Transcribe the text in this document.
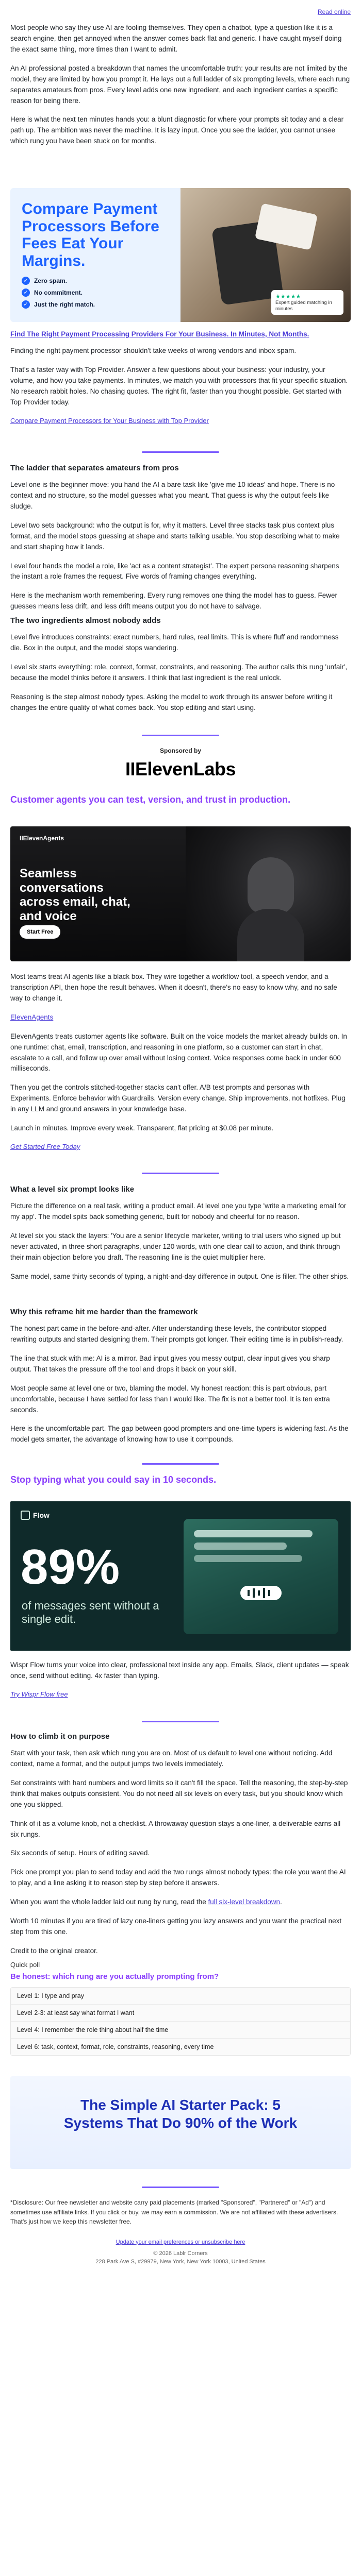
Read online

Most people who say they use AI are fooling themselves. They open a chatbot, type a question like it is a search engine, then get annoyed when the answer comes back flat and generic. I have caught myself doing the exact same thing, more times than I want to admit.

An AI professional posted a breakdown that names the uncomfortable truth: your results are not limited by the model, they are limited by how you prompt it. He lays out a full ladder of six prompting levels, where each rung separates amateurs from pros. Every level adds one new ingredient, and each ingredient carries a specific reason for being there.

Here is what the next ten minutes hands you: a blunt diagnostic for where your prompts sit today and a clear path up. The ambition was never the machine. It is lazy input. Once you see the ladder, you cannot unsee which rung you have been stuck on for months.

Compare Payment
Processors Before
Fees Eat Your
Margins.
✓ Zero spam.
✓ No commitment.
✓ Just the right match.
★★★★★
Expert guided matching in minutes
Find The Right Payment Processing Providers For Your Business. In Minutes, Not Months.

Finding the right payment processor shouldn't take weeks of wrong vendors and inbox spam.

That's a faster way with Top Provider. Answer a few questions about your business: your industry, your volume, and how you take payments. In minutes, we match you with processors that fit your specific situation. No research rabbit holes. No chasing quotes. The right fit, faster than you thought possible. Get started with Top Provider today.

Compare Payment Processors for Your Business with Top Provider
The ladder that separates amateurs from pros

Level one is the beginner move: you hand the AI a bare task like 'give me 10 ideas' and hope. There is no context and no structure, so the model guesses what you meant. That guess is why the output feels like sludge.

Level two sets background: who the output is for, why it matters. Level three stacks task plus context plus format, and the model stops guessing at shape and starts talking usable. You stop describing what to make and start shaping how it lands.

Level four hands the model a role, like 'act as a content strategist'. The expert persona reasoning sharpens the instant a role frames the request. Five words of framing changes everything.

Here is the mechanism worth remembering. Every rung removes one thing the model has to guess. Fewer guesses means less drift, and less drift means output you do not have to salvage.

The two ingredients almost nobody adds

Level five introduces constraints: exact numbers, hard rules, real limits. This is where fluff and randomness die. Box in the output, and the model stops wandering.

Level six starts everything: role, context, format, constraints, and reasoning. The author calls this rung 'unfair', because the model thinks before it answers. I think that last ingredient is the real unlock.

Reasoning is the step almost nobody types. Asking the model to work through its answer before writing it changes the entire quality of what comes back. You stop editing and start using.

Sponsored by
IIElevenLabs
Customer agents you can test, version, and trust in production.
IIElevenAgents
Seamless conversations across email, chat, and voice
Start Free

Most teams treat AI agents like a black box. They wire together a workflow tool, a speech vendor, and a transcription API, then hope the result behaves. When it doesn't, there's no easy to know why, and no safe way to change it.

ElevenAgents

ElevenAgents treats customer agents like software. Built on the voice models the market already builds on. In one runtime: chat, email, transcription, and reasoning in one platform, so a customer can start in chat, escalate to a call, and follow up over email without losing context. Voice responses come back in under 600 milliseconds.

Then you get the controls stitched-together stacks can't offer. A/B test prompts and personas with Experiments. Enforce behavior with Guardrails. Version every change. Ship improvements, not hotfixes. Plug in any LLM and ground answers in your knowledge base.

Launch in minutes. Improve every week. Transparent, flat pricing at $0.08 per minute.

Get Started Free Today
What a level six prompt looks like

Picture the difference on a real task, writing a product email. At level one you type 'write a marketing email for my app'. The model spits back something generic, built for nobody and cheerful for no reason.

At level six you stack the layers: 'You are a senior lifecycle marketer, writing to trial users who signed up but never activated, in three short paragraphs, under 120 words, with one clear call to action, and think through their main objection before you draft. The reasoning line is the quiet multiplier here.

Same model, same thirty seconds of typing, a night-and-day difference in output. One is filler. The other ships.

Why this reframe hit me harder than the framework

The honest part came in the before-and-after. After understanding these levels, the contributor stopped rewriting outputs and started designing them. Their prompts got longer. Their editing time is in publish-ready.

The line that stuck with me: AI is a mirror. Bad input gives you messy output, clear input gives you sharp output. That takes the pressure off the tool and drops it back on your skill.

Most people same at level one or two, blaming the model. My honest reaction: this is part obvious, part uncomfortable, because I have settled for less than I would like. The fix is not a better tool. It is ten extra seconds.

Here is the uncomfortable part. The gap between good prompters and one-time typers is widening fast. As the model gets smarter, the advantage of knowing how to use it compounds.

Stop typing what you could say in 10 seconds.
Flow
89%
of messages sent without a single edit.

Wispr Flow turns your voice into clear, professional text inside any app. Emails, Slack, client updates — speak once, send without editing. 4x faster than typing.

Try Wispr Flow free
How to climb it on purpose

Start with your task, then ask which rung you are on. Most of us default to level one without noticing. Add context, name a format, and the output jumps two levels immediately.

Set constraints with hard numbers and word limits so it can't fill the space. Tell the reasoning, the step-by-step think that makes outputs consistent. You do not need all six levels on every task, but you should know which one you skipped.

Think of it as a volume knob, not a checklist. A throwaway question stays a one-liner, a deliverable earns all six rungs.

Six seconds of setup. Hours of editing saved.

Pick one prompt you plan to send today and add the two rungs almost nobody types: the role you want the AI to play, and a line asking it to reason step by step before it answers.

When you want the whole ladder laid out rung by rung, read the full six-level breakdown.

Worth 10 minutes if you are tired of lazy one-liners getting you lazy answers and you want the practical next step from this one.

Credit to the original creator.

Quick poll
Be honest: which rung are you actually prompting from?
Level 1: I type and pray
Level 2-3: at least say what format I want
Level 4: I remember the role thing about half the time
Level 6: task, context, format, role, constraints, reasoning, every time
The Simple AI Starter Pack: 5
Systems That Do 90% of the Work

*Disclosure: Our free newsletter and website carry paid placements (marked "Sponsored", "Partnered" or "Ad") and sometimes use affiliate links. If you click or buy, we may earn a commission. We are not affiliated with these advertisers. That's just how we keep this newsletter free.

Update your email preferences or unsubscribe here
© 2026 Lablr Corners
228 Park Ave S, #29979, New York, New York 10003, United States
